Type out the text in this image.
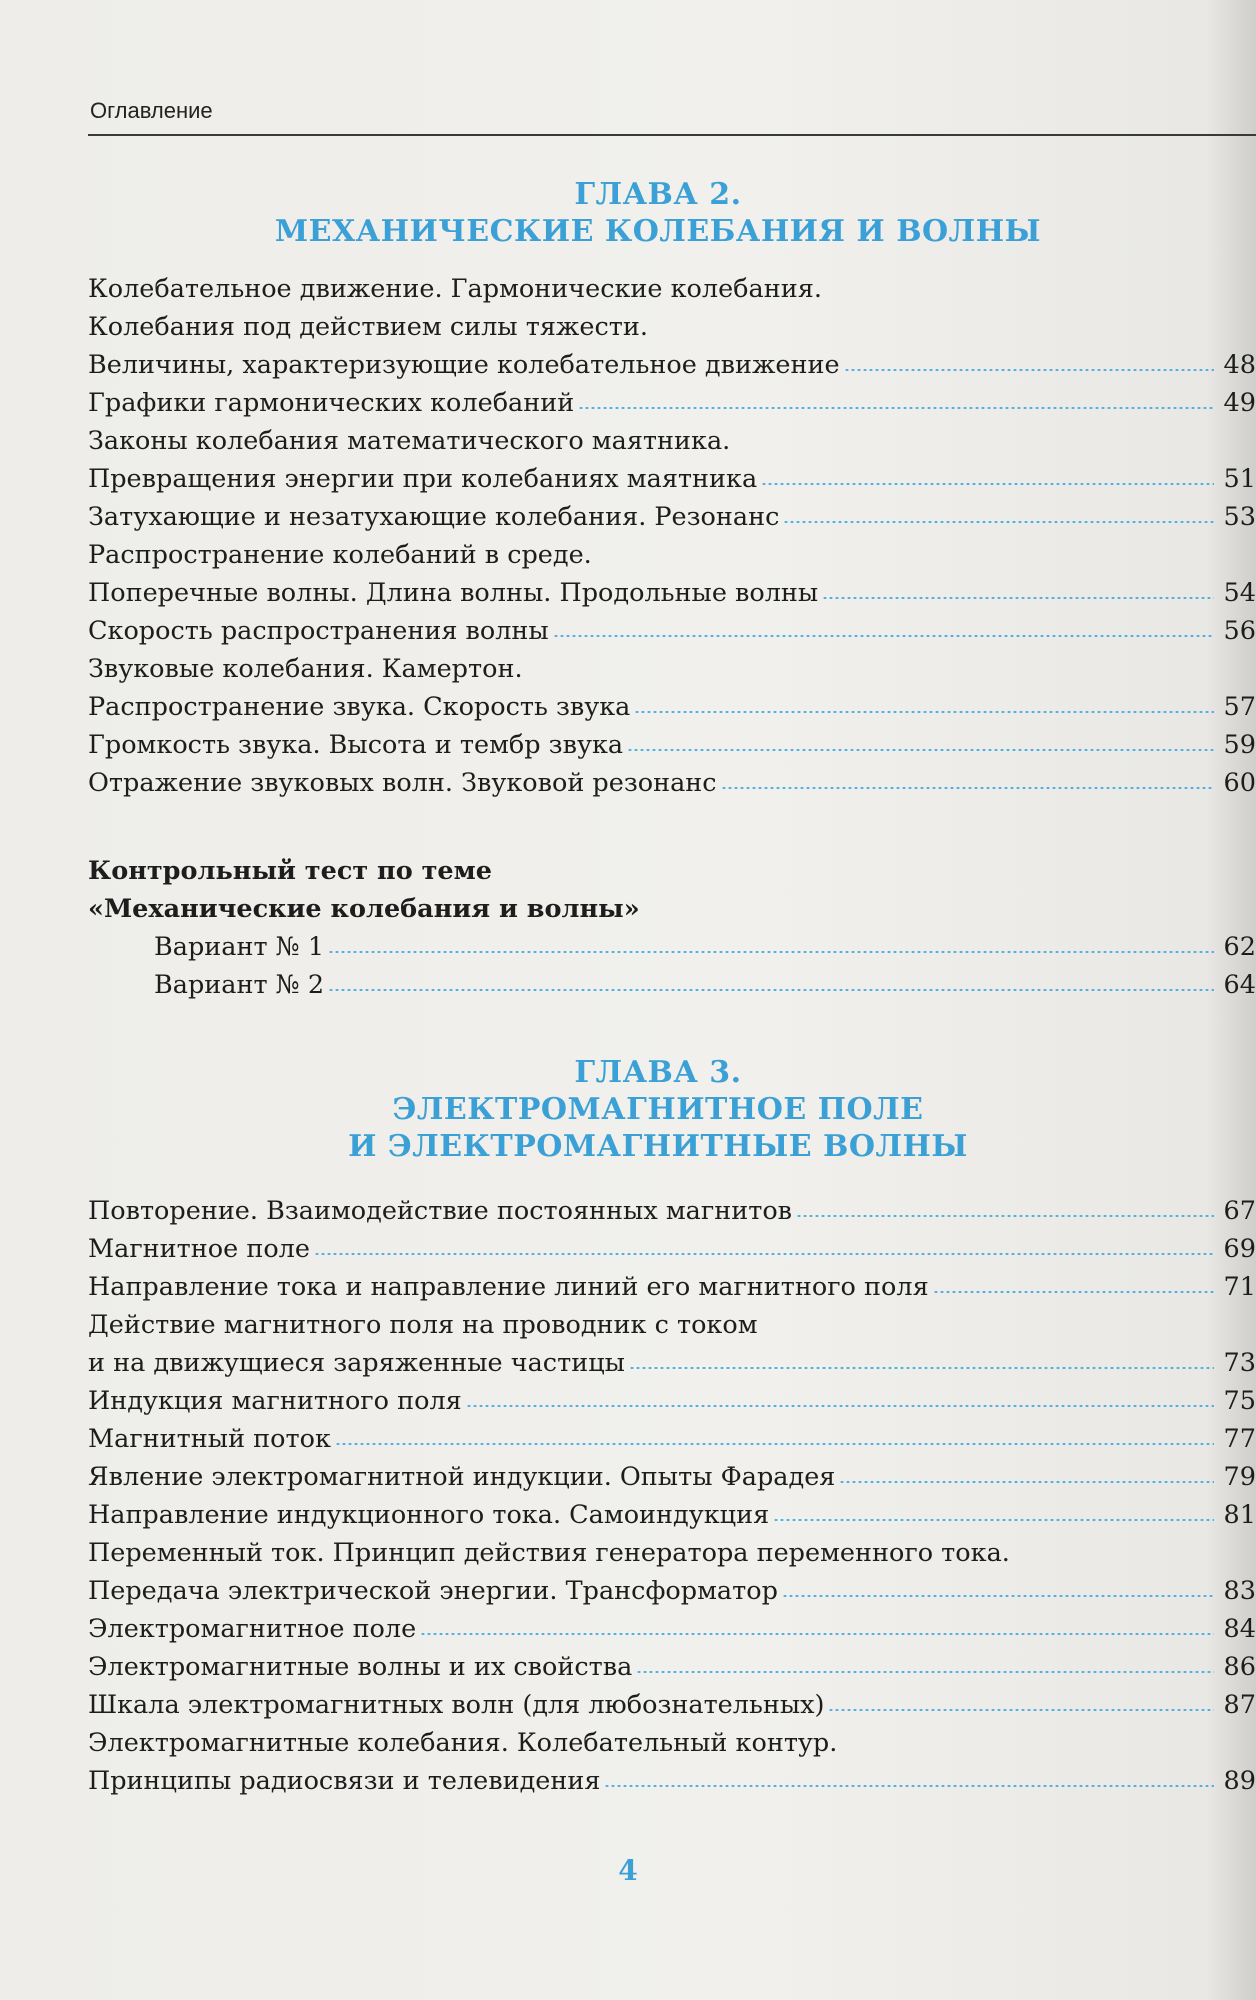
Оглавление
ГЛАВА 2.
МЕХАНИЧЕСКИЕ КОЛЕБАНИЯ И ВОЛНЫ
Колебательное движение. Гармонические колебания.
Колебания под действием силы тяжести.
Величины, характеризующие колебательное движение	48
Графики гармонических колебаний	49
Законы колебания математического маятника.
Превращения энергии при колебаниях маятника	51
Затухающие и незатухающие колебания. Резонанс	53
Распространение колебаний в среде.
Поперечные волны. Длина волны. Продольные волны	54
Скорость распространения волны	56
Звуковые колебания. Камертон.
Распространение звука. Скорость звука	57
Громкость звука. Высота и тембр звука	59
Отражение звуковых волн. Звуковой резонанс	60
Контрольный тест по теме
«Механические колебания и волны»
Вариант № 1	62
Вариант № 2	64
ГЛАВА 3.
ЭЛЕКТРОМАГНИТНОЕ ПОЛЕ
И ЭЛЕКТРОМАГНИТНЫЕ ВОЛНЫ
Повторение. Взаимодействие постоянных магнитов	67
Магнитное поле	69
Направление тока и направление линий его магнитного поля	71
Действие магнитного поля на проводник с током
и на движущиеся заряженные частицы	73
Индукция магнитного поля	75
Магнитный поток	77
Явление электромагнитной индукции. Опыты Фарадея	79
Направление индукционного тока. Самоиндукция	81
Переменный ток. Принцип действия генератора переменного тока.
Передача электрической энергии. Трансформатор	83
Электромагнитное поле	84
Электромагнитные волны и их свойства	86
Шкала электромагнитных волн (для любознательных)	87
Электромагнитные колебания. Колебательный контур.
Принципы радиосвязи и телевидения	89
4
